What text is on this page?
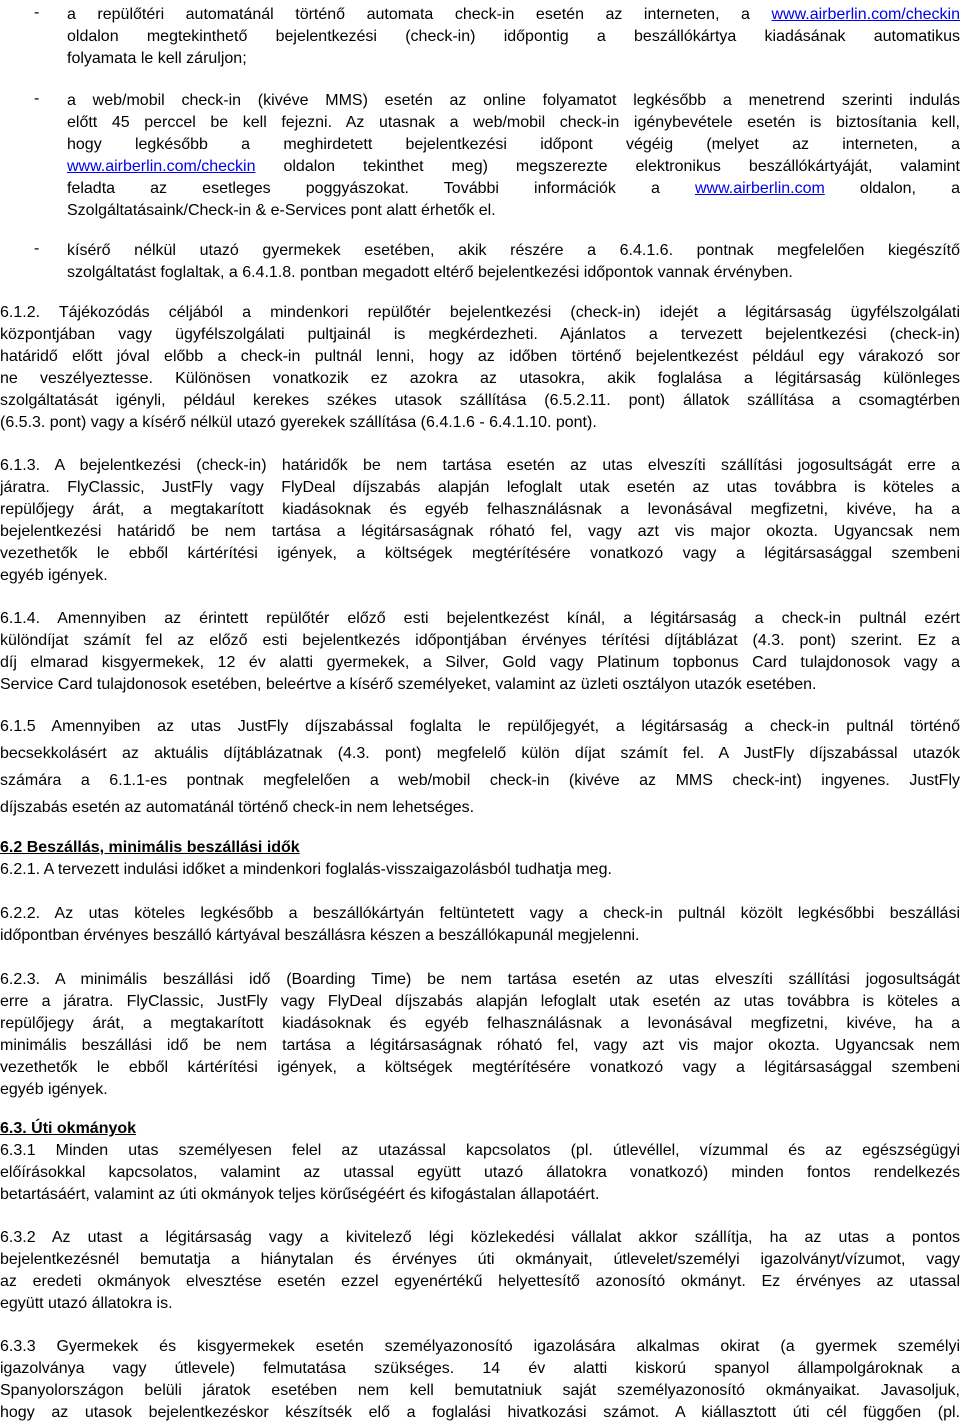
- a repülőtéri automatánál történő automata check-in esetén az interneten, a www.airberlin.com/checkin
oldalon megtekinthető bejelentkezési (check-in) időpontig a beszállókártya kiadásának automatikus
folyamata le kell záruljon;
- a web/mobil check-in (kivéve MMS) esetén az online folyamatot legkésőbb a menetrend szerinti indulás
előtt 45 perccel be kell fejezni. Az utasnak a web/mobil check-in igénybevétele esetén is biztosítania kell,
hogy legkésőbb a meghirdetett bejelentkezési időpont végéig (melyet az interneten, a
www.airberlin.com/checkin oldalon tekinthet meg) megszerezte elektronikus beszállókártyáját, valamint
feladta az esetleges poggyászokat. További információk a www.airberlin.com oldalon, a
Szolgáltatásaink/Check-in & e-Services pont alatt érhetők el.
- kísérő nélkül utazó gyermekek esetében, akik részére a 6.4.1.6. pontnak megfelelően kiegészítő
szolgáltatást foglaltak, a 6.4.1.8. pontban megadott eltérő bejelentkezési időpontok vannak érvényben.
6.1.2. Tájékozódás céljából a mindenkori repülőtér bejelentkezési (check-in) idejét a légitársaság ügyfélszolgálati
központjában vagy ügyfélszolgálati pultjainál is megkérdezheti. Ajánlatos a tervezett bejelentkezési (check-in)
határidő előtt jóval előbb a check-in pultnál lenni, hogy az időben történő bejelentkezést például egy várakozó sor
ne veszélyeztesse. Különösen vonatkozik ez azokra az utasokra, akik foglalása a légitársaság különleges
szolgáltatását igényli, például kerekes székes utasok szállítása (6.5.2.11. pont) állatok szállítása a csomagtérben
(6.5.3. pont) vagy a kísérő nélkül utazó gyerekek szállítása (6.4.1.6 - 6.4.1.10. pont).
6.1.3. A bejelentkezési (check-in) határidők be nem tartása esetén az utas elveszíti szállítási jogosultságát erre a
járatra. FlyClassic, JustFly vagy FlyDeal díjszabás alapján lefoglalt utak esetén az utas továbbra is köteles a
repülőjegy árát, a megtakarított kiadásoknak és egyéb felhasználásnak a levonásával megfizetni, kivéve, ha a
bejelentkezési határidő be nem tartása a légitársaságnak róható fel, vagy azt vis major okozta. Ugyancsak nem
vezethetők le ebből kártérítési igények, a költségek megtérítésére vonatkozó vagy a légitársasággal szembeni
egyéb igények.
6.1.4. Amennyiben az érintett repülőtér előző esti bejelentkezést kínál, a légitársaság a check-in pultnál ezért
különdíjat számít fel az előző esti bejelentkezés időpontjában érvényes térítési díjtáblázat (4.3. pont) szerint. Ez a
díj elmarad kisgyermekek, 12 év alatti gyermekek, a Silver, Gold vagy Platinum topbonus Card tulajdonosok vagy a
Service Card tulajdonosok esetében, beleértve a kísérő személyeket, valamint az üzleti osztályon utazók esetében.
6.1.5 Amennyiben az utas JustFly díjszabással foglalta le repülőjegyét, a légitársaság a check-in pultnál történő
becsekkolásért az aktuális díjtáblázatnak (4.3. pont) megfelelő külön díjat számít fel. A JustFly díjszabással utazók
számára a 6.1.1-es pontnak megfelelően a web/mobil check-in (kivéve az MMS check-int) ingyenes. JustFly
díjszabás esetén az automatánál történő check-in nem lehetséges.
6.2 Beszállás, minimális beszállási idők
6.2.1. A tervezett indulási időket a mindenkori foglalás-visszaigazolásból tudhatja meg.
6.2.2. Az utas köteles legkésőbb a beszállókártyán feltüntetett vagy a check-in pultnál közölt legkésőbbi beszállási
időpontban érvényes beszálló kártyával beszállásra készen a beszállókapunál megjelenni.
6.2.3. A minimális beszállási idő (Boarding Time) be nem tartása esetén az utas elveszíti szállítási jogosultságát
erre a járatra. FlyClassic, JustFly vagy FlyDeal díjszabás alapján lefoglalt utak esetén az utas továbbra is köteles a
repülőjegy árát, a megtakarított kiadásoknak és egyéb felhasználásnak a levonásával megfizetni, kivéve, ha a
minimális beszállási idő be nem tartása a légitársaságnak róható fel, vagy azt vis major okozta. Ugyancsak nem
vezethetők le ebből kártérítési igények, a költségek megtérítésére vonatkozó vagy a légitársasággal szembeni
egyéb igények.
6.3. Úti okmányok
6.3.1 Minden utas személyesen felel az utazással kapcsolatos (pl. útlevéllel, vízummal és az egészségügyi
előírásokkal kapcsolatos, valamint az utassal együtt utazó állatokra vonatkozó) minden fontos rendelkezés
betartásáért, valamint az úti okmányok teljes körűségéért és kifogástalan állapotáért.
6.3.2 Az utast a légitársaság vagy a kivitelező légi közlekedési vállalat akkor szállítja, ha az utas a pontos
bejelentkezésnél bemutatja a hiánytalan és érvényes úti okmányait, útlevelet/személyi igazolványt/vízumot, vagy
az eredeti okmányok elvesztése esetén ezzel egyenértékű helyettesítő azonosító okmányt. Ez érvényes az utassal
együtt utazó állatokra is.
6.3.3 Gyermekek és kisgyermekek esetén személyazonosító igazolására alkalmas okirat (a gyermek személyi
igazolványa vagy útlevele) felmutatása szükséges. 14 év alatti kiskorú spanyol állampolgároknak a
Spanyolországon belüli járatok esetében nem kell bemutatniuk saját személyazonosító okmányaikat. Javasoljuk,
hogy az utasok bejelentkezéskor készítsék elő a foglalási hivatkozási számot. A kiállasztott úti cél függően (pl.
